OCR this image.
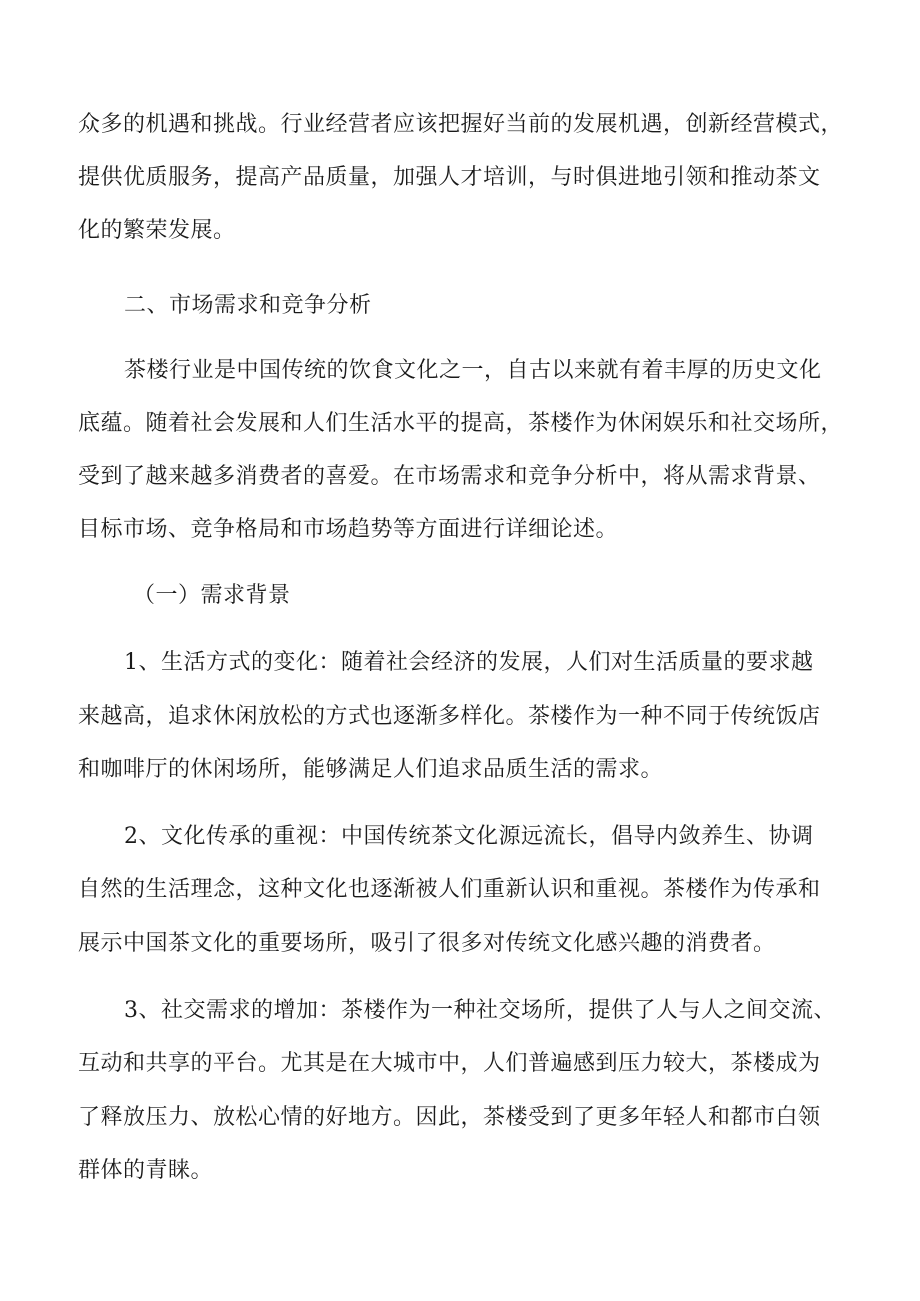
众多的机遇和挑战。行业经营者应该把握好当前的发展机遇，创新经营模式，
提供优质服务，提高产品质量，加强人才培训，与时俱进地引领和推动茶文
化的繁荣发展。
二、市场需求和竞争分析
茶楼行业是中国传统的饮食文化之一，自古以来就有着丰厚的历史文化
底蕴。随着社会发展和人们生活水平的提高，茶楼作为休闲娱乐和社交场所，
受到了越来越多消费者的喜爱。在市场需求和竞争分析中，将从需求背景、
目标市场、竞争格局和市场趋势等方面进行详细论述。
（一）需求背景
1、生活方式的变化：随着社会经济的发展，人们对生活质量的要求越
来越高，追求休闲放松的方式也逐渐多样化。茶楼作为一种不同于传统饭店
和咖啡厅的休闲场所，能够满足人们追求品质生活的需求。
2、文化传承的重视：中国传统茶文化源远流长，倡导内敛养生、协调
自然的生活理念，这种文化也逐渐被人们重新认识和重视。茶楼作为传承和
展示中国茶文化的重要场所，吸引了很多对传统文化感兴趣的消费者。
3、社交需求的增加：茶楼作为一种社交场所，提供了人与人之间交流、
互动和共享的平台。尤其是在大城市中，人们普遍感到压力较大，茶楼成为
了释放压力、放松心情的好地方。因此，茶楼受到了更多年轻人和都市白领
群体的青睐。
